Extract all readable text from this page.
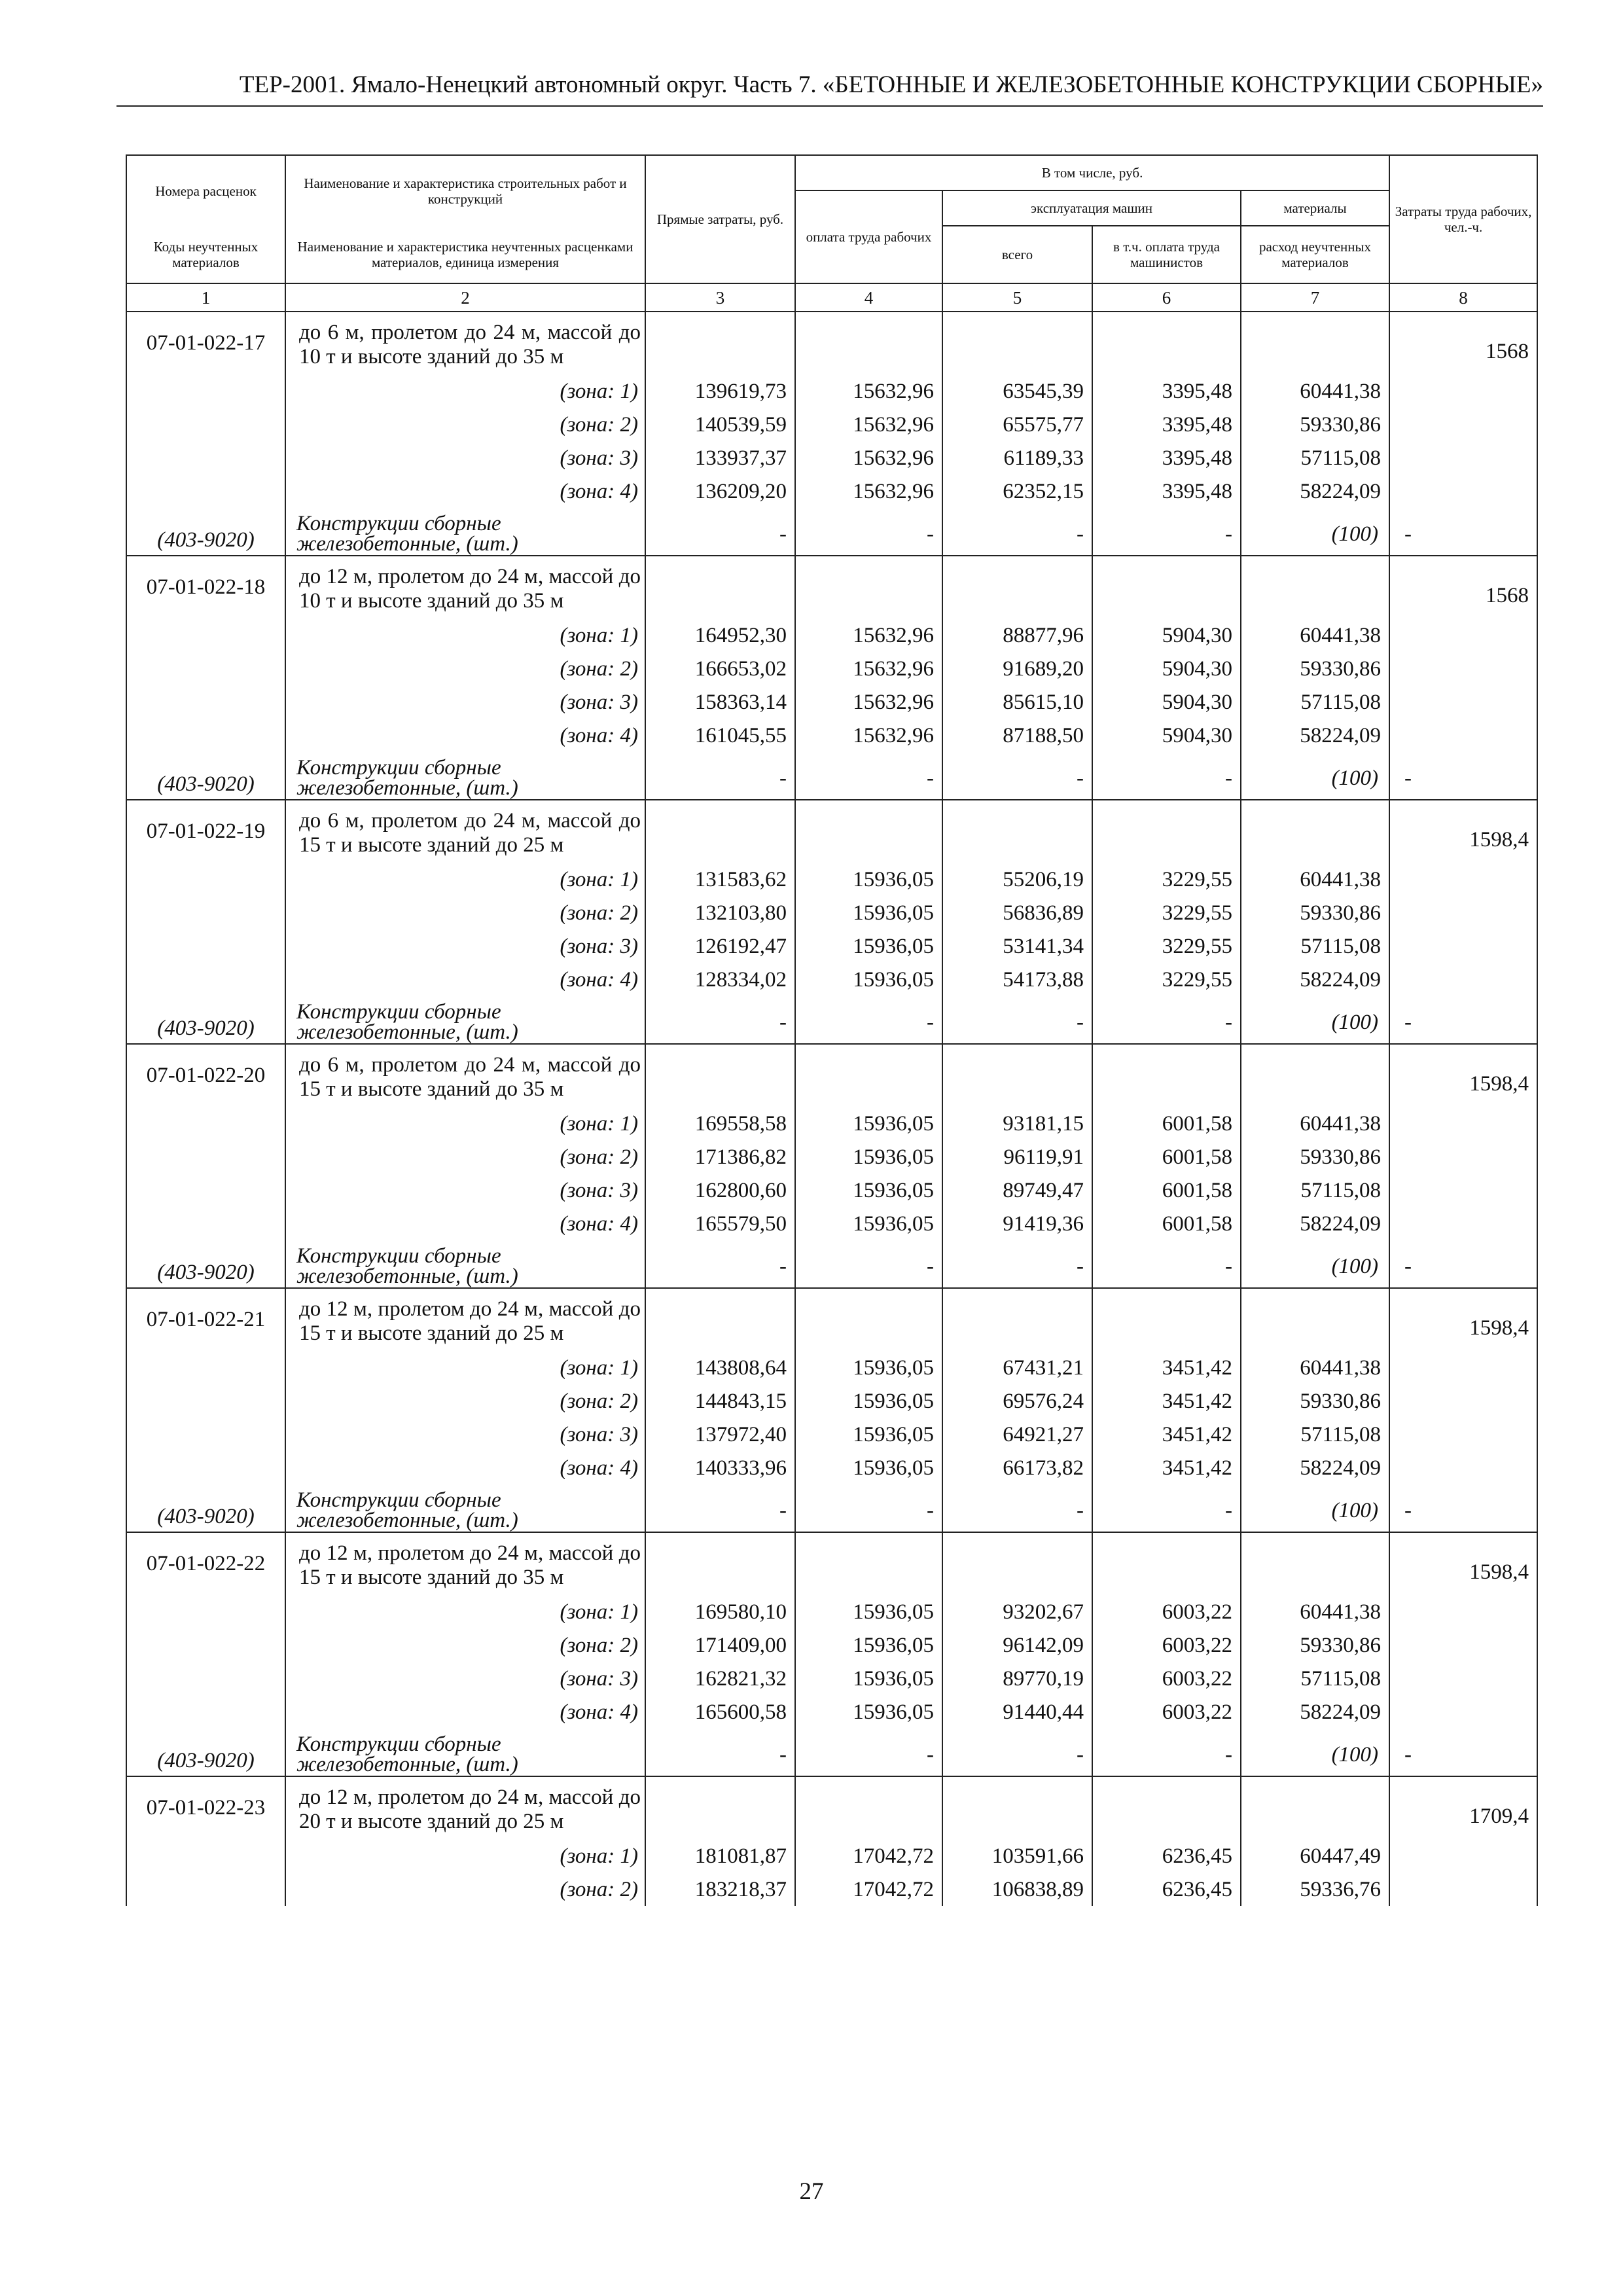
ТЕР-2001. Ямало-Ненецкий автономный округ. Часть 7. «БЕТОННЫЕ И ЖЕЛЕЗОБЕТОННЫЕ КОНСТРУКЦИИ СБОРНЫЕ»
Номера расценок	Наименование и характеристика строительных работ и конструкций	Прямые затраты, руб.	В том числе, руб.				Затраты труда рабочих, чел.-ч.
			оплата труда рабочих	эксплуатация машин		материалы	
Коды неучтенных материалов	Наименование и характеристика неучтенных расценками материалов, единица измерения			всего	в т.ч. оплата труда машинистов	расход неучтенных материалов	
1	2	3	4	5	6	7	8
07-01-022-17	до 6 м, пролетом до 24 м, массой до 10 т и высоте зданий до 35 м						1568
	(зона: 1)	139619,73	15632,96	63545,39	3395,48	60441,38	
	(зона: 2)	140539,59	15632,96	65575,77	3395,48	59330,86	
	(зона: 3)	133937,37	15632,96	61189,33	3395,48	57115,08	
	(зона: 4)	136209,20	15632,96	62352,15	3395,48	58224,09	
(403-9020)	Конструкции сборные железобетонные, (шт.)	-	-	-	-	(100)	-
07-01-022-18	до 12 м, пролетом до 24 м, массой до 10 т и высоте зданий до 35 м						1568
	(зона: 1)	164952,30	15632,96	88877,96	5904,30	60441,38	
	(зона: 2)	166653,02	15632,96	91689,20	5904,30	59330,86	
	(зона: 3)	158363,14	15632,96	85615,10	5904,30	57115,08	
	(зона: 4)	161045,55	15632,96	87188,50	5904,30	58224,09	
(403-9020)	Конструкции сборные железобетонные, (шт.)	-	-	-	-	(100)	-
07-01-022-19	до 6 м, пролетом до 24 м, массой до 15 т и высоте зданий до 25 м						1598,4
	(зона: 1)	131583,62	15936,05	55206,19	3229,55	60441,38	
	(зона: 2)	132103,80	15936,05	56836,89	3229,55	59330,86	
	(зона: 3)	126192,47	15936,05	53141,34	3229,55	57115,08	
	(зона: 4)	128334,02	15936,05	54173,88	3229,55	58224,09	
(403-9020)	Конструкции сборные железобетонные, (шт.)	-	-	-	-	(100)	-
07-01-022-20	до 6 м, пролетом до 24 м, массой до 15 т и высоте зданий до 35 м						1598,4
	(зона: 1)	169558,58	15936,05	93181,15	6001,58	60441,38	
	(зона: 2)	171386,82	15936,05	96119,91	6001,58	59330,86	
	(зона: 3)	162800,60	15936,05	89749,47	6001,58	57115,08	
	(зона: 4)	165579,50	15936,05	91419,36	6001,58	58224,09	
(403-9020)	Конструкции сборные железобетонные, (шт.)	-	-	-	-	(100)	-
07-01-022-21	до 12 м, пролетом до 24 м, массой до 15 т и высоте зданий до 25 м						1598,4
	(зона: 1)	143808,64	15936,05	67431,21	3451,42	60441,38	
	(зона: 2)	144843,15	15936,05	69576,24	3451,42	59330,86	
	(зона: 3)	137972,40	15936,05	64921,27	3451,42	57115,08	
	(зона: 4)	140333,96	15936,05	66173,82	3451,42	58224,09	
(403-9020)	Конструкции сборные железобетонные, (шт.)	-	-	-	-	(100)	-
07-01-022-22	до 12 м, пролетом до 24 м, массой до 15 т и высоте зданий до 35 м						1598,4
	(зона: 1)	169580,10	15936,05	93202,67	6003,22	60441,38	
	(зона: 2)	171409,00	15936,05	96142,09	6003,22	59330,86	
	(зона: 3)	162821,32	15936,05	89770,19	6003,22	57115,08	
	(зона: 4)	165600,58	15936,05	91440,44	6003,22	58224,09	
(403-9020)	Конструкции сборные железобетонные, (шт.)	-	-	-	-	(100)	-
07-01-022-23	до 12 м, пролетом до 24 м, массой до 20 т и высоте зданий до 25 м						1709,4
	(зона: 1)	181081,87	17042,72	103591,66	6236,45	60447,49	
	(зона: 2)	183218,37	17042,72	106838,89	6236,45	59336,76	
27
